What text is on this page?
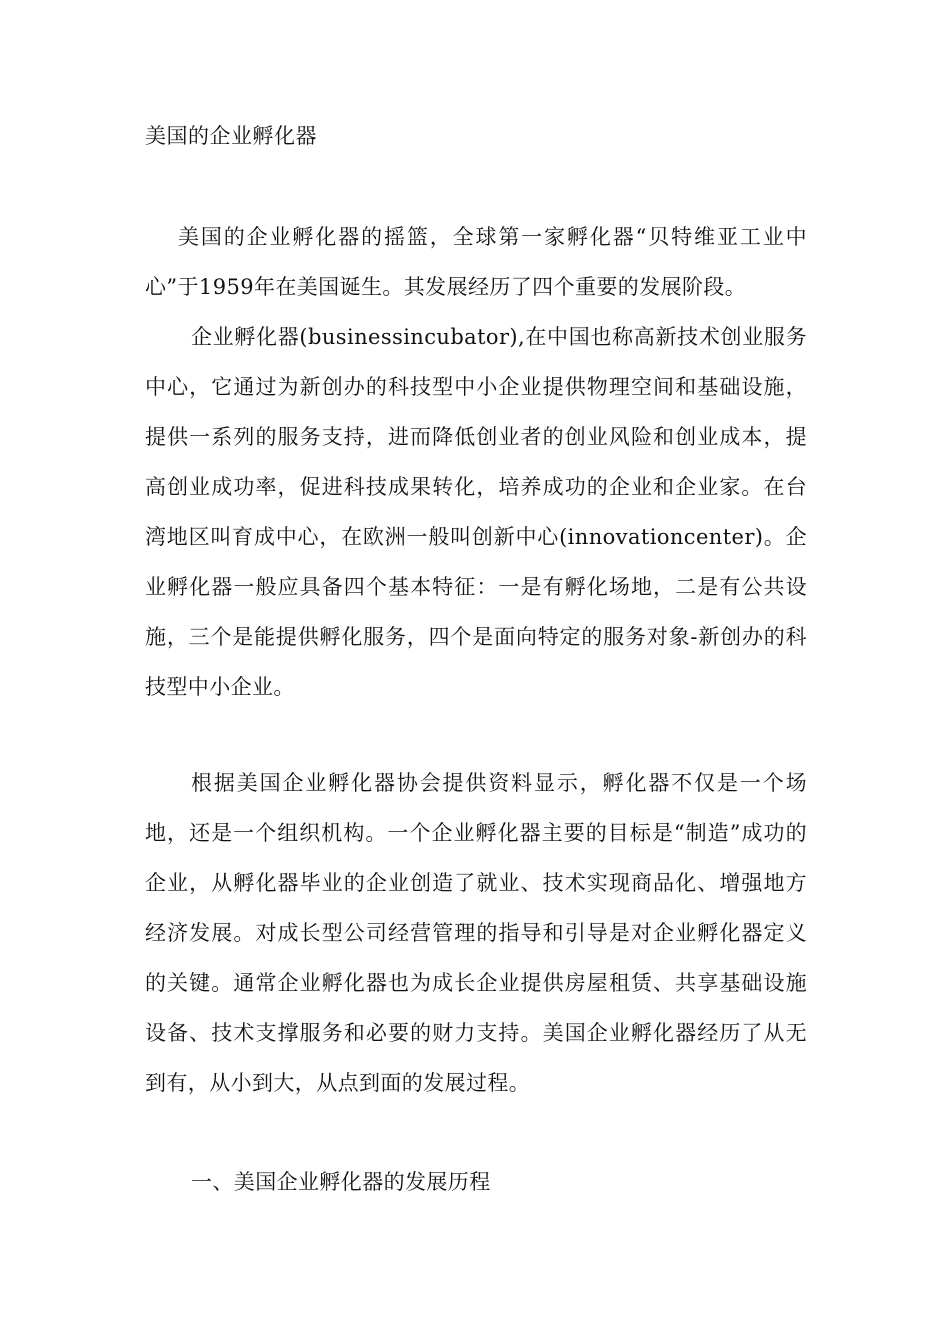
美国的企业孵化器

美国的企业孵化器的摇篮，全球第一家孵化器“贝特维亚工业中心”于1959年在美国诞生。其发展经历了四个重要的发展阶段。

企业孵化器(businessincubator),在中国也称高新技术创业服务中心，它通过为新创办的科技型中小企业提供物理空间和基础设施，提供一系列的服务支持，进而降低创业者的创业风险和创业成本，提高创业成功率，促进科技成果转化，培养成功的企业和企业家。在台湾地区叫育成中心，在欧洲一般叫创新中心(innovationcenter)。企业孵化器一般应具备四个基本特征：一是有孵化场地，二是有公共设施，三个是能提供孵化服务，四个是面向特定的服务对象-新创办的科技型中小企业。

根据美国企业孵化器协会提供资料显示，孵化器不仅是一个场地，还是一个组织机构。一个企业孵化器主要的目标是“制造”成功的企业，从孵化器毕业的企业创造了就业、技术实现商品化、增强地方经济发展。对成长型公司经营管理的指导和引导是对企业孵化器定义的关键。通常企业孵化器也为成长企业提供房屋租赁、共享基础设施设备、技术支撑服务和必要的财力支持。美国企业孵化器经历了从无到有，从小到大，从点到面的发展过程。

一、美国企业孵化器的发展历程
